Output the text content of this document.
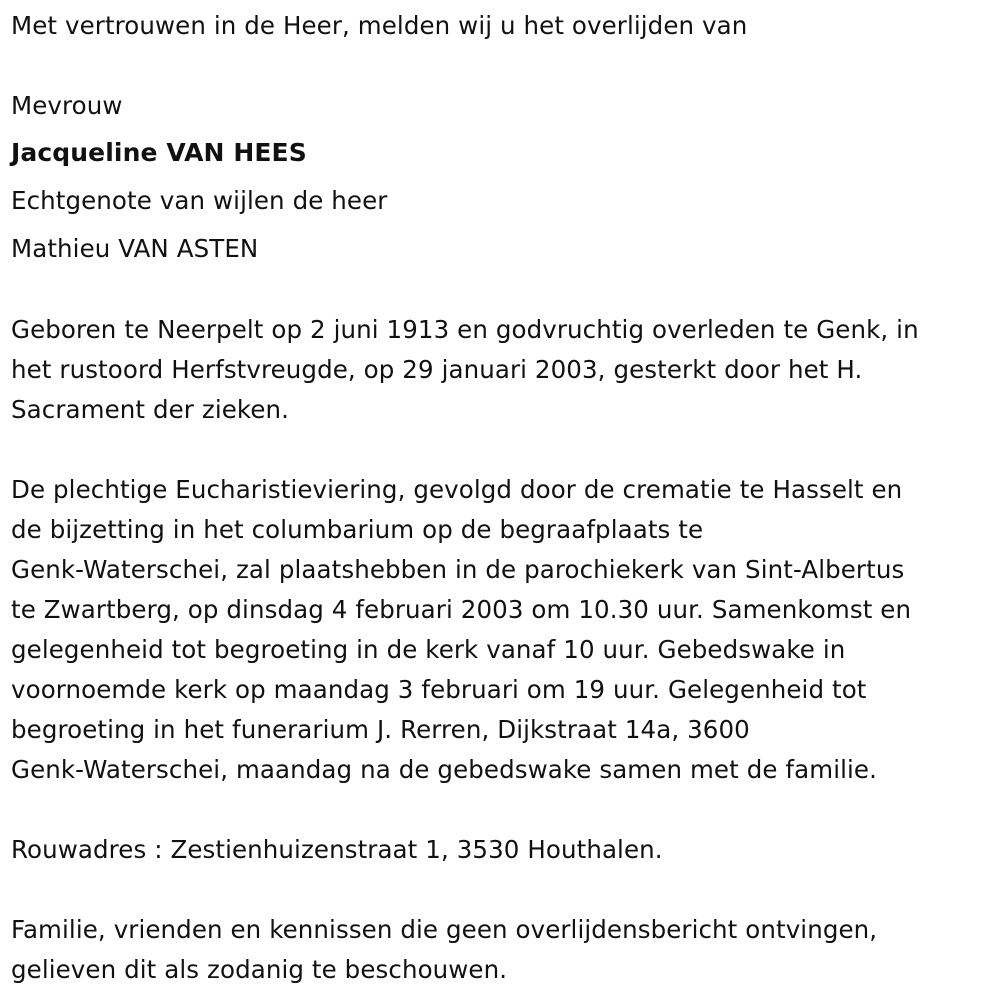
Met vertrouwen in de Heer, melden wij u het overlijden van
Mevrouw
Jacqueline VAN HEES
Echtgenote van wijlen de heer
Mathieu VAN ASTEN
Geboren te Neerpelt op 2 juni 1913 en godvruchtig overleden te Genk, in
het rustoord Herfstvreugde, op 29 januari 2003, gesterkt door het H.
Sacrament der zieken.
De plechtige Eucharistieviering, gevolgd door de crematie te Hasselt en
de bijzetting in het columbarium op de begraafplaats te
Genk-Waterschei, zal plaatshebben in de parochiekerk van Sint-Albertus
te Zwartberg, op dinsdag 4 februari 2003 om 10.30 uur. Samenkomst en
gelegenheid tot begroeting in de kerk vanaf 10 uur. Gebedswake in
voornoemde kerk op maandag 3 februari om 19 uur. Gelegenheid tot
begroeting in het funerarium J. Rerren, Dijkstraat 14a, 3600
Genk-Waterschei, maandag na de gebedswake samen met de familie.
Rouwadres : Zestienhuizenstraat 1, 3530 Houthalen.
Familie, vrienden en kennissen die geen overlijdensbericht ontvingen,
gelieven dit als zodanig te beschouwen.
